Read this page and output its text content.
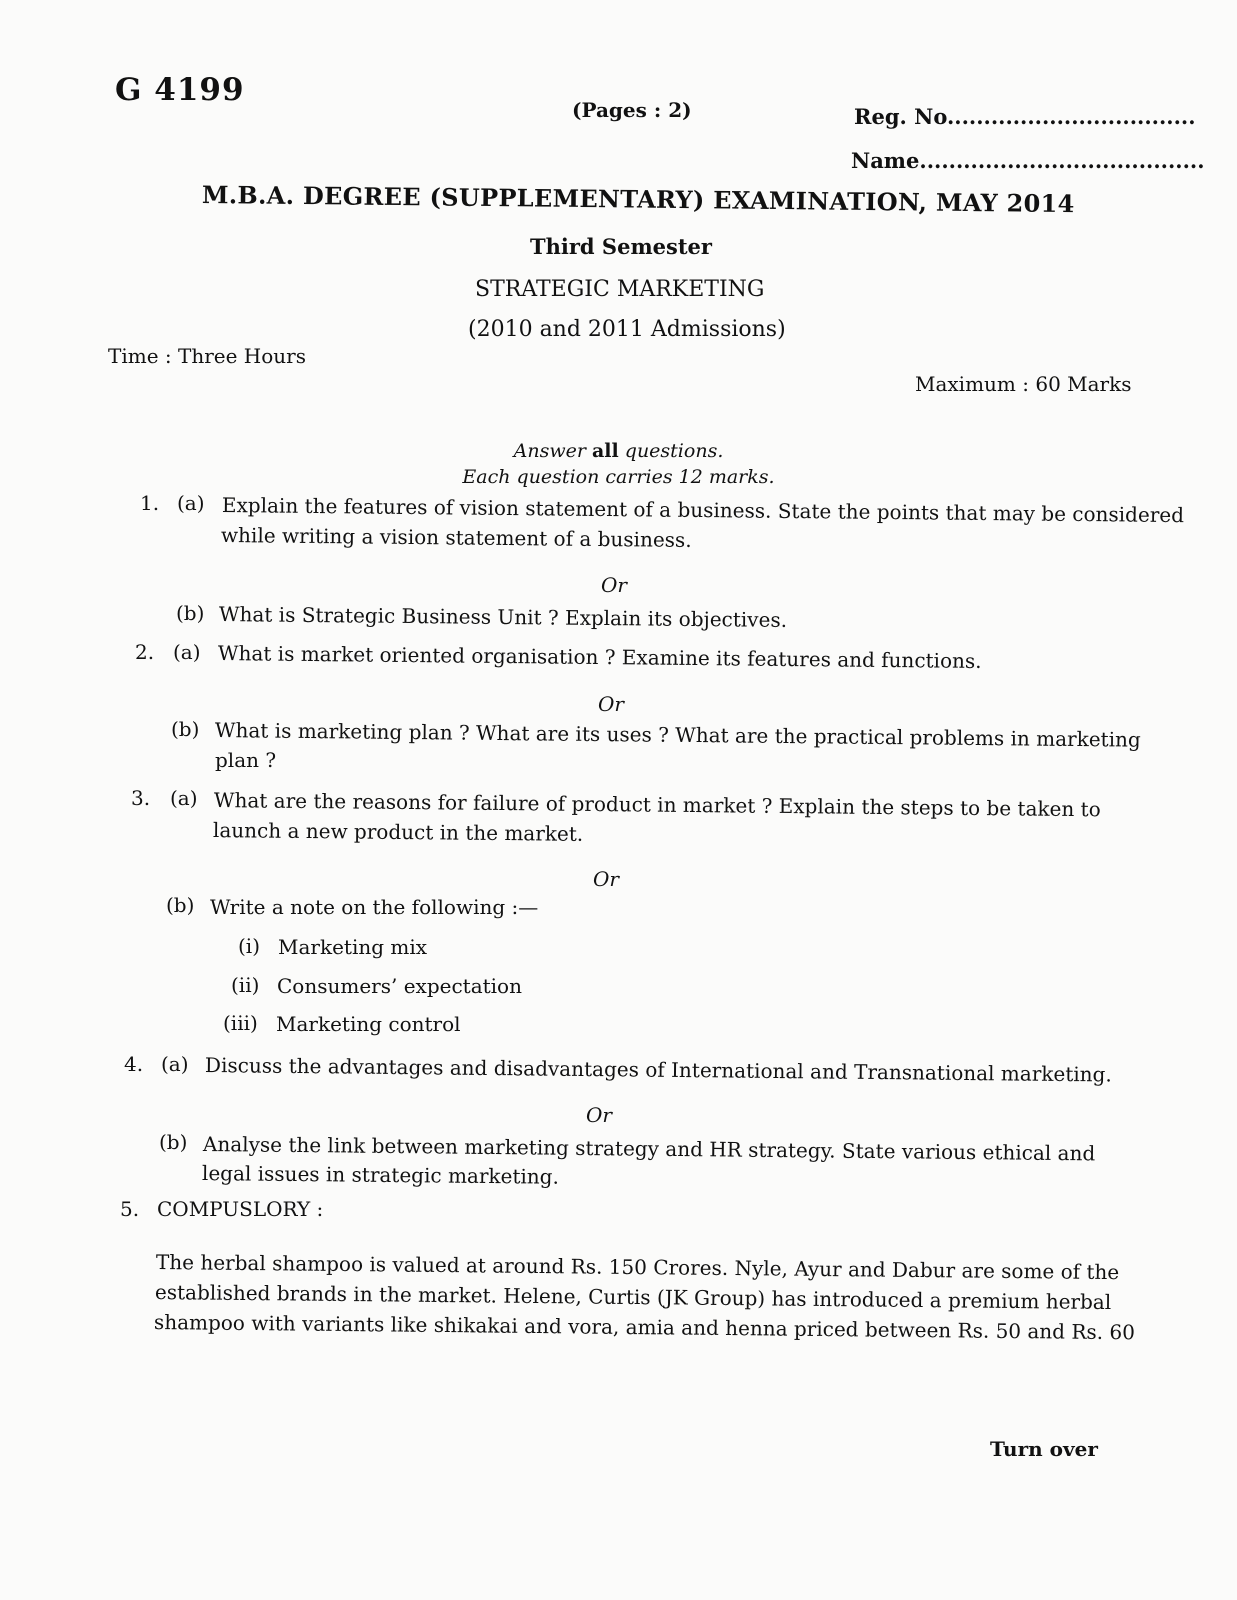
G 4199
(Pages : 2)	Reg. No..................................
Name.......................................
M.B.A. DEGREE (SUPPLEMENTARY) EXAMINATION, MAY 2014
Third Semester
STRATEGIC MARKETING
(2010 and 2011 Admissions)
Time : Three Hours
Maximum : 60 Marks
Answer all questions.
Each question carries 12 marks.
1. (a) Explain the features of vision statement of a business. State the points that may be considered
while writing a vision statement of a business.
Or
(b) What is Strategic Business Unit ? Explain its objectives.
2. (a) What is market oriented organisation ? Examine its features and functions.
Or
(b) What is marketing plan ? What are its uses ? What are the practical problems in marketing
plan ?
3. (a) What are the reasons for failure of product in market ? Explain the steps to be taken to
launch a new product in the market.
Or
(b) Write a note on the following :—
(i) Marketing mix
(ii) Consumers’ expectation
(iii) Marketing control
4. (a) Discuss the advantages and disadvantages of International and Transnational marketing.
Or
(b) Analyse the link between marketing strategy and HR strategy. State various ethical and
legal issues in strategic marketing.
5. COMPUSLORY :
The herbal shampoo is valued at around Rs. 150 Crores. Nyle, Ayur and Dabur are some of the
established brands in the market. Helene, Curtis (JK Group) has introduced a premium herbal
shampoo with variants like shikakai and vora, amia and henna priced between Rs. 50 and Rs. 60
Turn over
